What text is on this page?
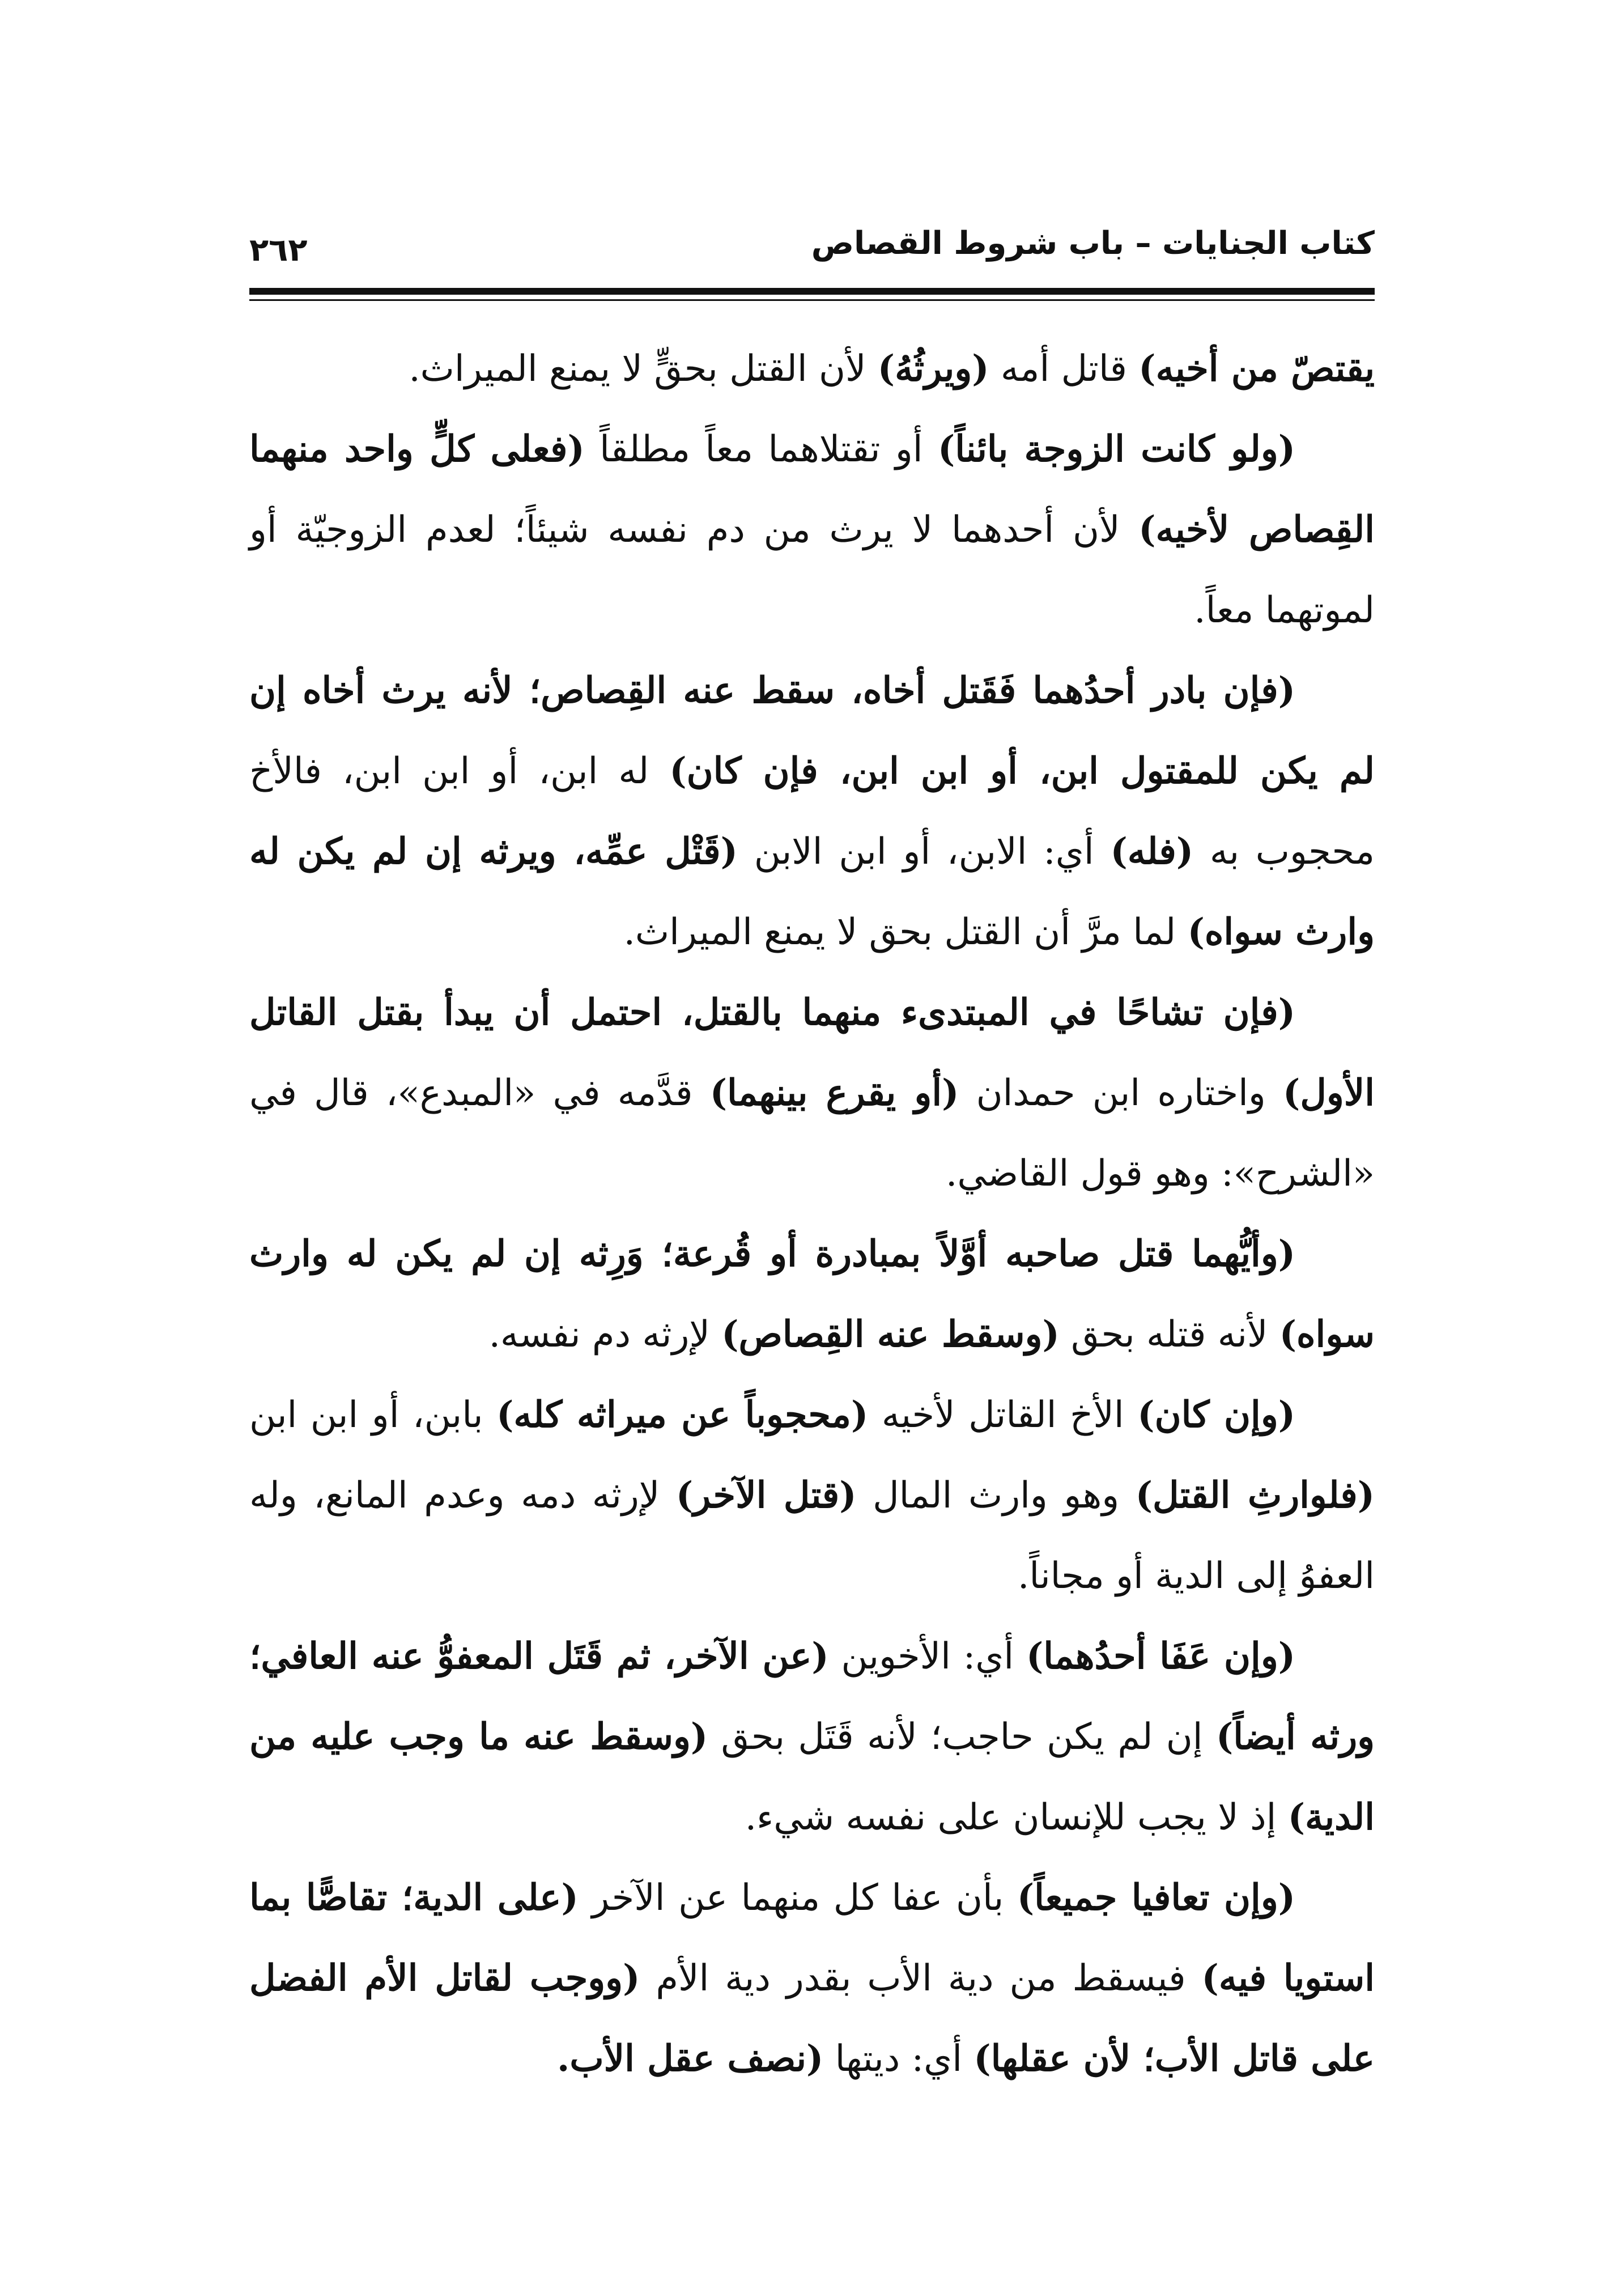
كتاب الجنايات – باب شروط القصاص
٢٦٢

يقتصّ من أخيه) قاتل أمه (ويرثُهُ) لأن القتل بحقٍّ لا يمنع الميراث.

(ولو كانت الزوجة بائناً) أو تقتلاهما معاً مطلقاً (فعلى كلٍّ واحد منهما القِصاص لأخيه) لأن أحدهما لا يرث من دم نفسه شيئاً؛ لعدم الزوجيّة أو لموتهما معاً.

(فإن بادر أحدُهما فَقَتل أخاه، سقط عنه القِصاص؛ لأنه يرث أخاه إن لم يكن للمقتول ابن، أو ابن ابن، فإن كان) له ابن، أو ابن ابن، فالأخ محجوب به (فله) أي: الابن، أو ابن الابن (قَتْل عمِّه، ويرثه إن لم يكن له وارث سواه) لما مرَّ أن القتل بحق لا يمنع الميراث.

(فإن تشاحًا في المبتدىء منهما بالقتل، احتمل أن يبدأ بقتل القاتل الأول) واختاره ابن حمدان (أو يقرع بينهما) قدَّمه في «المبدع»، قال في «الشرح»: وهو قول القاضي.

(وأيُّهما قتل صاحبه أوَّلاً بمبادرة أو قُرعة؛ وَرِثه إن لم يكن له وارث سواه) لأنه قتله بحق (وسقط عنه القِصاص) لإرثه دم نفسه.

(وإن كان) الأخ القاتل لأخيه (محجوباً عن ميراثه كله) بابن، أو ابن ابن (فلوارثِ القتل) وهو وارث المال (قتل الآخر) لإرثه دمه وعدم المانع، وله العفوُ إلى الدية أو مجاناً.

(وإن عَفَا أحدُهما) أي: الأخوين (عن الآخر، ثم قَتَل المعفوُّ عنه العافي؛ ورثه أيضاً) إن لم يكن حاجب؛ لأنه قَتَل بحق (وسقط عنه ما وجب عليه من الدية) إذ لا يجب للإنسان على نفسه شيء.

(وإن تعافيا جميعاً) بأن عفا كل منهما عن الآخر (على الدية؛ تقاصًّا بما استويا فيه) فيسقط من دية الأب بقدر دية الأم (ووجب لقاتل الأم الفضل على قاتل الأب؛ لأن عقلها) أي: ديتها (نصف عقل الأب.
